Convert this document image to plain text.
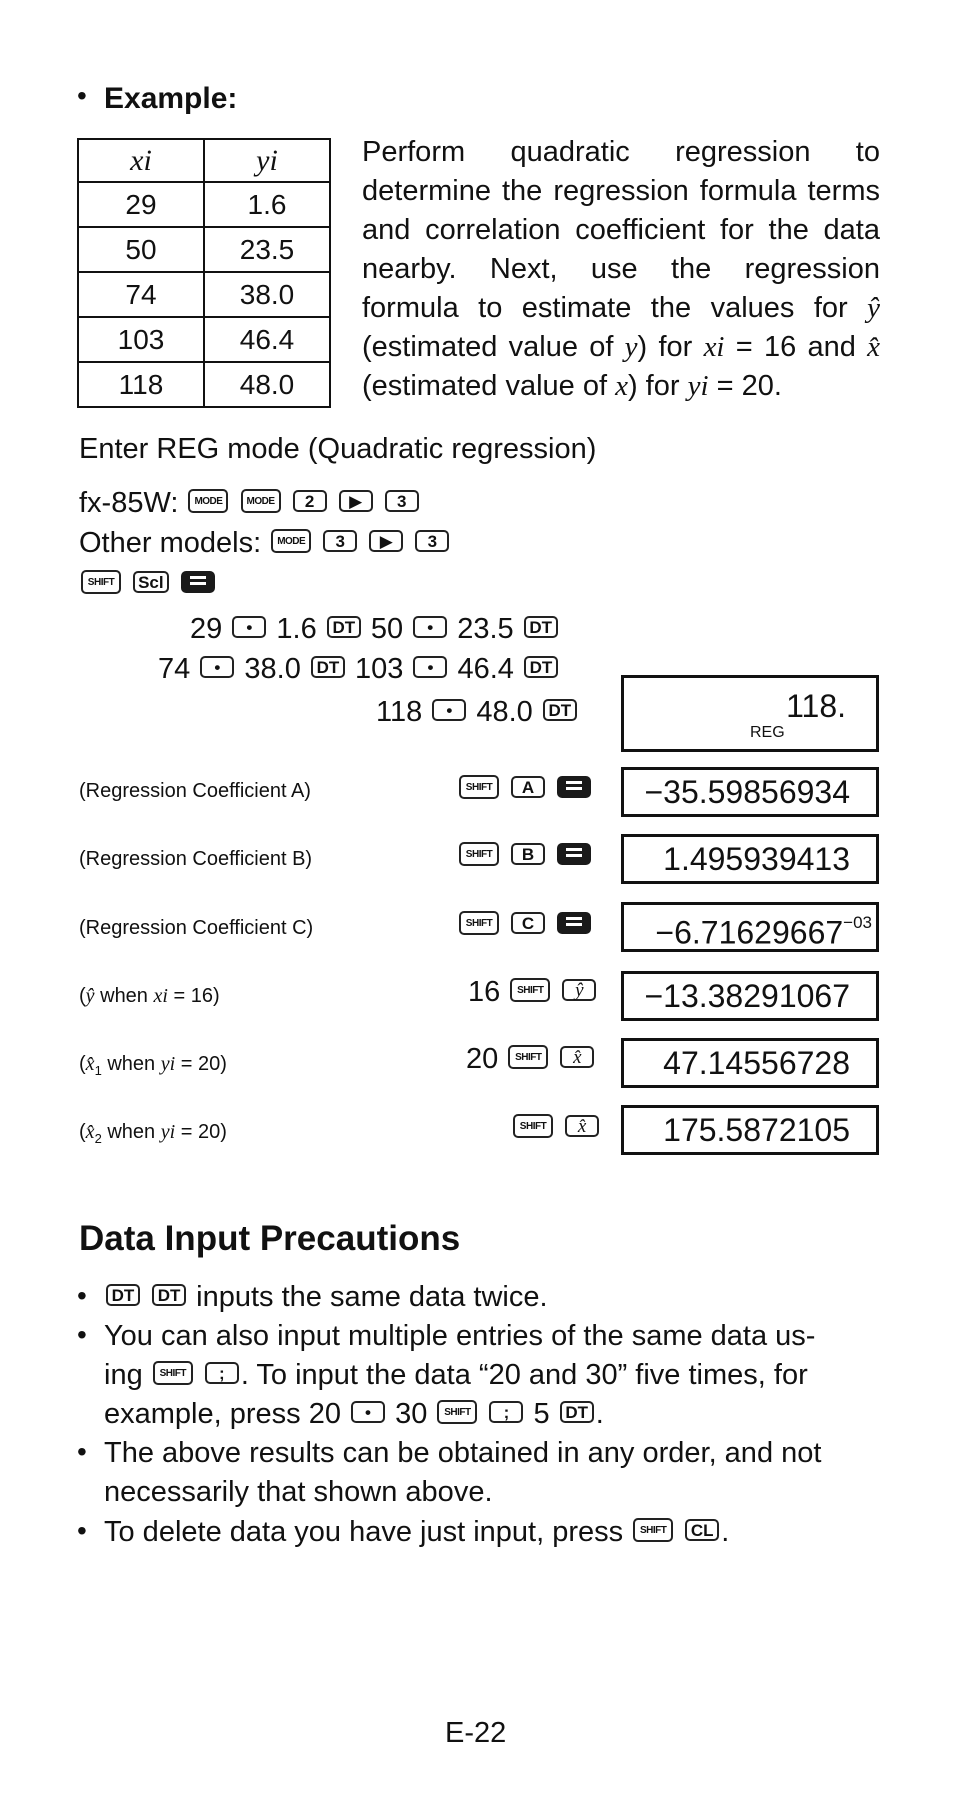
• Example:
xi	yi
29	1.6
50	23.5
74	38.0
103	46.4
118	48.0
Perform quadratic regression to determine the regression formula terms and correlation coefficient for the data nearby. Next, use the regression formula to estimate the values for ŷ (estimated value of y) for xi = 16 and x̂ (estimated value of x) for yi = 20.
Enter REG mode (Quadratic regression)
fx-85W: MODE MODE 2 ▶ 3
Other models: MODE 3 ▶ 3
SHIFT Scl
29 • 1.6 DT 50 • 23.5 DT
74 • 38.0 DT 103 • 46.4 DT
118 • 48.0 DT	118.
REG
(Regression Coefficient A)	SHIFT A	−35.59856934
(Regression Coefficient B)	SHIFT B	1.495939413
(Regression Coefficient C)	SHIFT C	$-6.71629667^{-03}$
(ŷ when xi = 16)	16 SHIFT ŷ	−13.38291067
($x̂_1$ when yi = 20)	20 SHIFT x̂	47.14556728
($x̂_2$ when yi = 20)	SHIFT x̂	175.5872105
Data Input Precautions
•	DT DT inputs the same data twice.
• You can also input multiple entries of the same data us-
ing SHIFT ; . To input the data “20 and 30” five times, for
example, press 20 • 30 SHIFT ; 5 DT .
• The above results can be obtained in any order, and not
necessarily that shown above.
• To delete data you have just input, press SHIFT CL .
E-22
